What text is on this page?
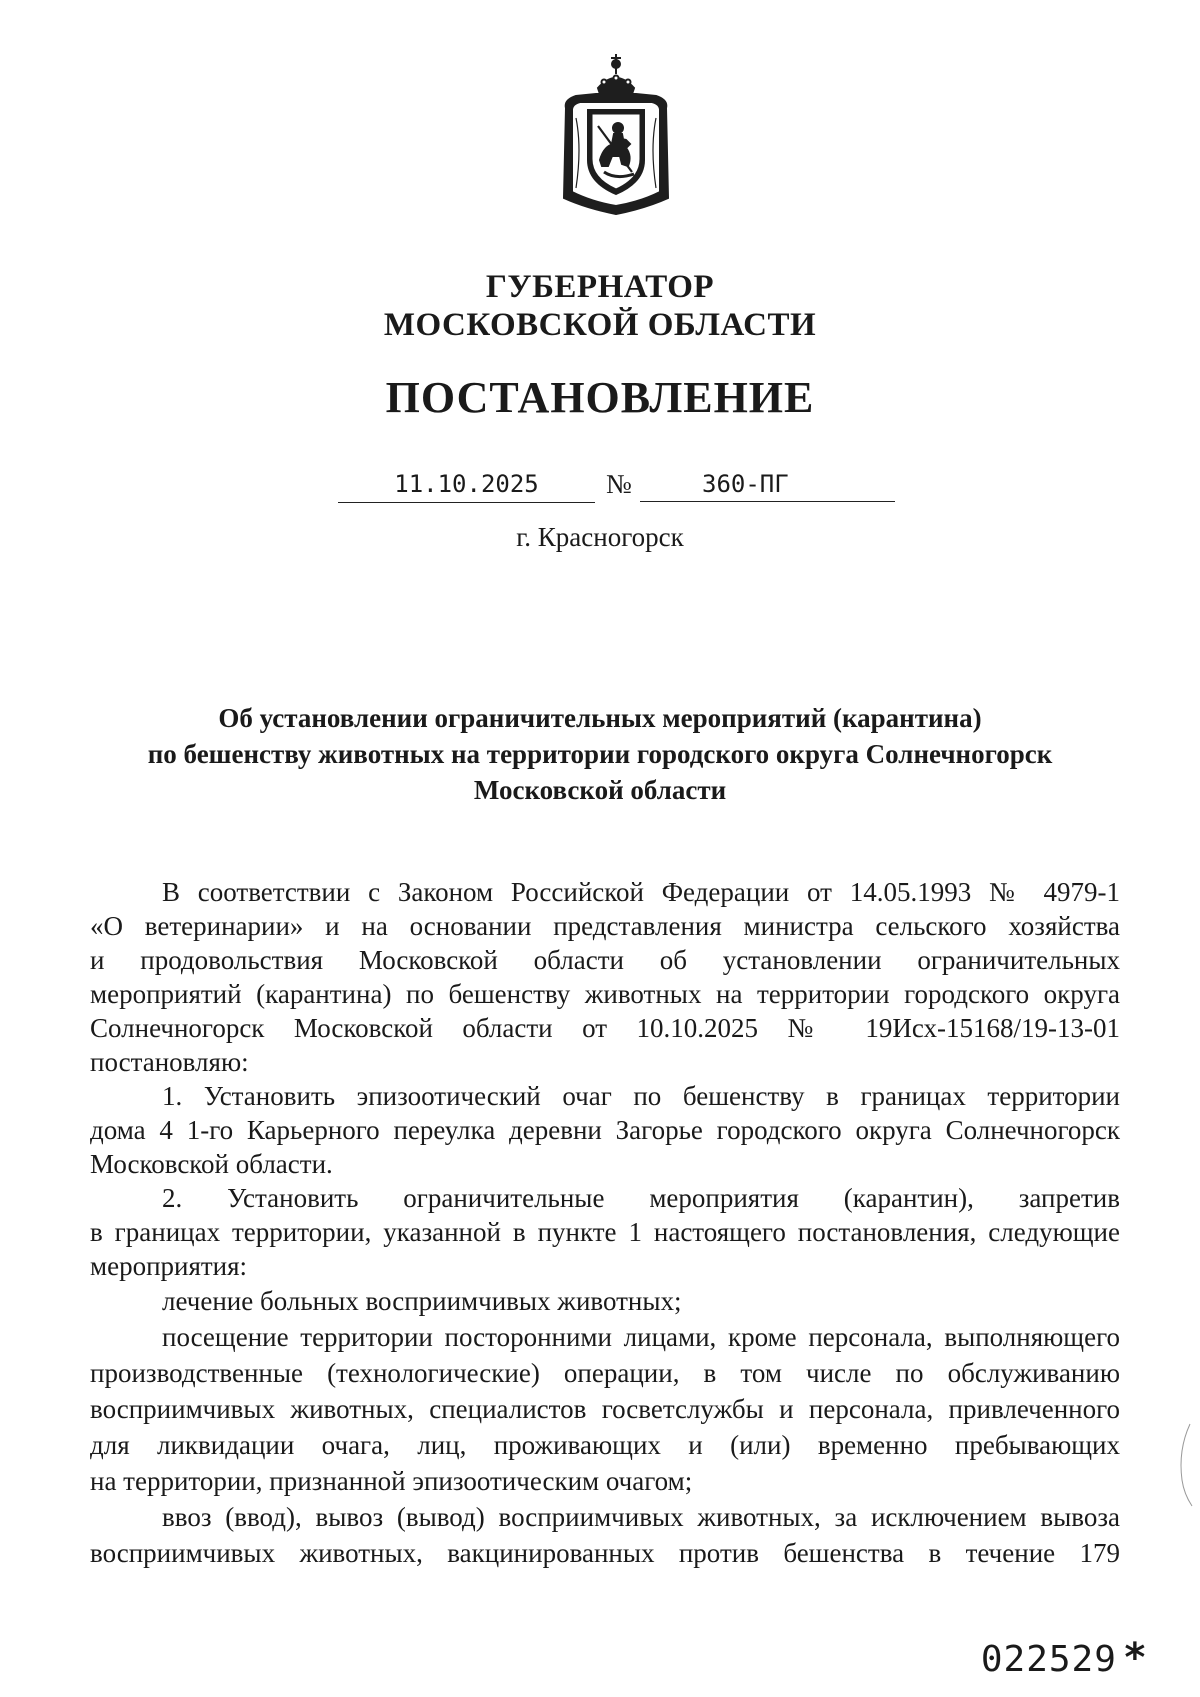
ГУБЕРНАТОР
МОСКОВСКОЙ ОБЛАСТИ
ПОСТАНОВЛЕНИЕ
11.10.2025	№	360-ПГ
г. Красногорск
Об установлении ограничительных мероприятий (карантина)
по бешенству животных на территории городского округа Солнечногорск
Московской области

В соответствии с Законом Российской Федерации от 14.05.1993 № 4979-1

«О ветеринарии» и на основании представления министра сельского хозяйства

и продовольствия Московской области об установлении ограничительных

мероприятий (карантина) по бешенству животных на территории городского округа

Солнечногорск Московской области от 10.10.2025 № 19Исх-15168/19-13-01

постановляю:

1. Установить эпизоотический очаг по бешенству в границах территории

дома 4 1-го Карьерного переулка деревни Загорье городского округа Солнечногорск

Московской области.

2. Установить ограничительные мероприятия (карантин), запретив

в границах территории, указанной в пункте 1 настоящего постановления, следующие

мероприятия:

лечение больных восприимчивых животных;

посещение территории посторонними лицами, кроме персонала, выполняющего

производственные (технологические) операции, в том числе по обслуживанию

восприимчивых животных, специалистов госветслужбы и персонала, привлеченного

для ликвидации очага, лиц, проживающих и (или) временно пребывающих

на территории, признанной эпизоотическим очагом;

ввоз (ввод), вывоз (вывод) восприимчивых животных, за исключением вывоза

восприимчивых животных, вакцинированных против бешенства в течение 179

022529 *
